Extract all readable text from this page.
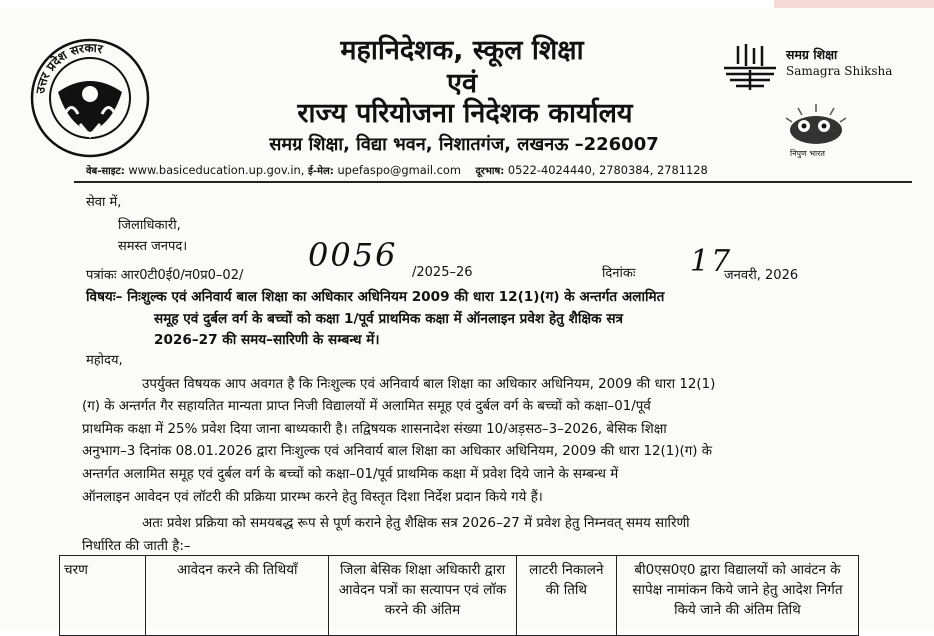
उत्तर प्रदेश सरकार	महानिदेशक, स्कूल शिक्षा
एवं
राज्य परियोजना निदेशक कार्यालय
समग्र शिक्षा, विद्या भवन, निशातगंज, लखनऊ –226007
समग्र शिक्षा
Samagra Shiksha
निपुण भारत
वेब-साइट: www.basiceducation.up.gov.in, ई-मेल: upefaspo@gmail.com दूरभाष: 0522-4024440, 2780384, 2781128
सेवा में,
जिलाधिकारी,
समस्त जनपद।
पत्रांकः आर0टी0ई0/न0प्र0–02/
0056 /2025–26	दिनांकः 17
जनवरी, 2026
विषयः– निःशुल्क एवं अनिवार्य बाल शिक्षा का अधिकार अधिनियम 2009 की धारा 12(1)(ग) के अन्तर्गत अलामित
समूह एवं दुर्बल वर्ग के बच्चों को कक्षा 1/पूर्व प्राथमिक कक्षा में ऑनलाइन प्रवेश हेतु शैक्षिक सत्र
2026–27 की समय–सारिणी के सम्बन्ध में।
महोदय,
उपर्युक्त विषयक आप अवगत है कि निःशुल्क एवं अनिवार्य बाल शिक्षा का अधिकार अधिनियम, 2009 की धारा 12(1)
(ग) के अन्तर्गत गैर सहायतित मान्यता प्राप्त निजी विद्यालयों में अलामित समूह एवं दुर्बल वर्ग के बच्चों को कक्षा–01/पूर्व
प्राथमिक कक्षा में 25% प्रवेश दिया जाना बाध्यकारी है। तद्विषयक शासनादेश संख्या 10/अड़सठ–3–2026, बेसिक शिक्षा
अनुभाग–3 दिनांक 08.01.2026 द्वारा निःशुल्क एवं अनिवार्य बाल शिक्षा का अधिकार अधिनियम, 2009 की धारा 12(1)(ग) के
अन्तर्गत अलामित समूह एवं दुर्बल वर्ग के बच्चों को कक्षा–01/पूर्व प्राथमिक कक्षा में प्रवेश दिये जाने के सम्बन्ध में
ऑनलाइन आवेदन एवं लॉटरी की प्रक्रिया प्रारम्भ करने हेतु विस्तृत दिशा निर्देश प्रदान किये गये हैं।
अतः प्रवेश प्रक्रिया को समयबद्ध रूप से पूर्ण कराने हेतु शैक्षिक सत्र 2026–27 में प्रवेश हेतु निम्नवत् समय सारिणी
निर्धारित की जाती है:–
चरण	आवेदन करने की तिथियाँ	जिला बेसिक शिक्षा अधिकारी द्वारा आवेदन पत्रों का सत्यापन एवं लॉक करने की अंतिम	लाटरी निकालने की तिथि	बी0एस0ए0 द्वारा विद्यालयों को आवंटन के सापेक्ष नामांकन किये जाने हेतु आदेश निर्गत किये जाने की अंतिम तिथि
